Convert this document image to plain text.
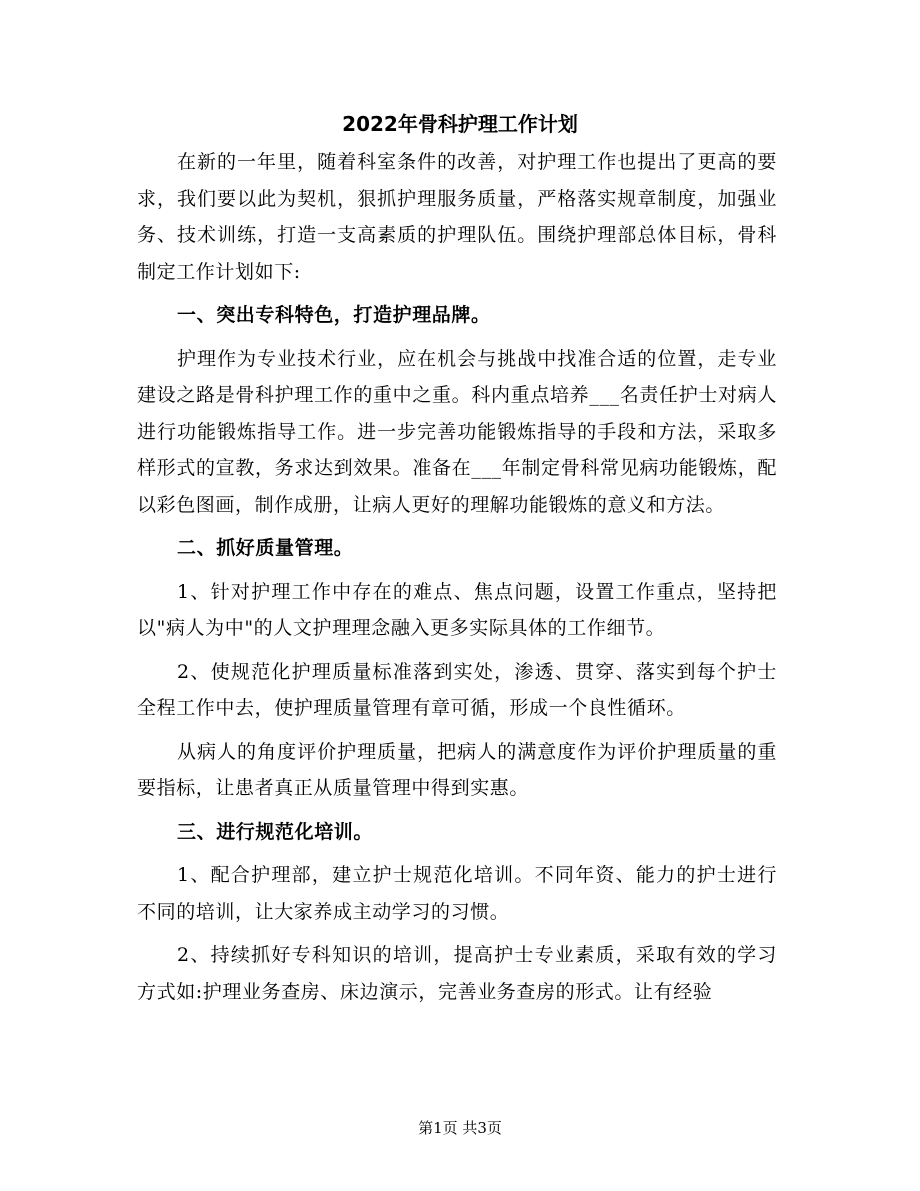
2022年骨科护理工作计划

在新的一年里，随着科室条件的改善，对护理工作也提出了更高的要求，我们要以此为契机，狠抓护理服务质量，严格落实规章制度，加强业务、技术训练，打造一支高素质的护理队伍。围绕护理部总体目标，骨科制定工作计划如下:

一、突出专科特色，打造护理品牌。

护理作为专业技术行业，应在机会与挑战中找准合适的位置，走专业建设之路是骨科护理工作的重中之重。科内重点培养___名责任护士对病人进行功能锻炼指导工作。进一步完善功能锻炼指导的手段和方法，采取多样形式的宣教，务求达到效果。准备在___年制定骨科常见病功能锻炼，配以彩色图画，制作成册，让病人更好的理解功能锻炼的意义和方法。

二、抓好质量管理。

1、针对护理工作中存在的难点、焦点问题，设置工作重点，坚持把以"病人为中"的人文护理理念融入更多实际具体的工作细节。

2、使规范化护理质量标准落到实处，渗透、贯穿、落实到每个护士全程工作中去，使护理质量管理有章可循，形成一个良性循环。

从病人的角度评价护理质量，把病人的满意度作为评价护理质量的重要指标，让患者真正从质量管理中得到实惠。

三、进行规范化培训。

1、配合护理部，建立护士规范化培训。不同年资、能力的护士进行不同的培训，让大家养成主动学习的习惯。

2、持续抓好专科知识的培训，提高护士专业素质，采取有效的学习方式如:护理业务查房、床边演示，完善业务查房的形式。让有经验

第1页 共3页
